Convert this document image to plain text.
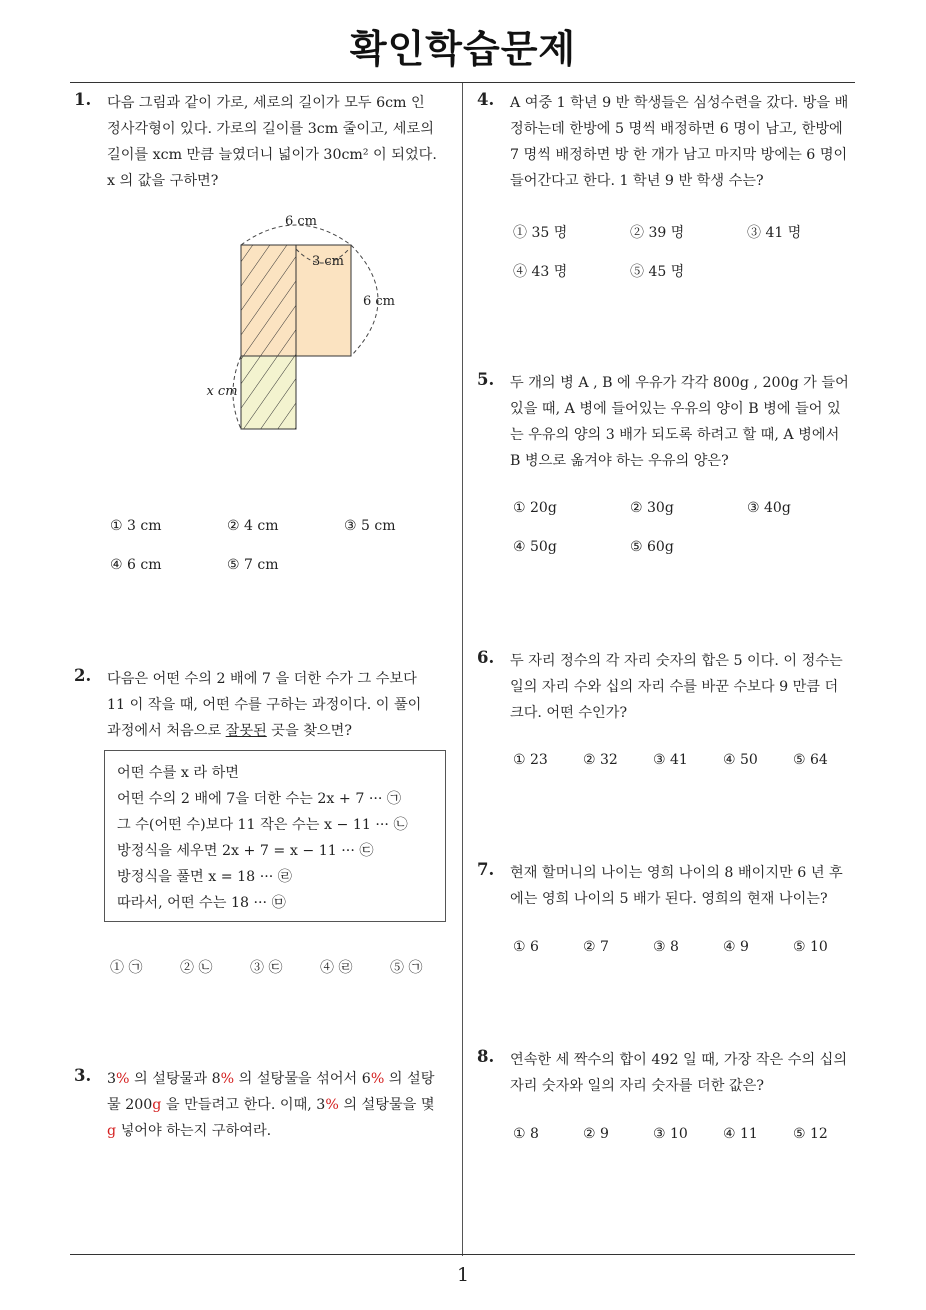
확인학습문제
1
1. 다음 그림과 같이 가로, 세로의 길이가 모두 6cm 인
정사각형이 있다. 가로의 길이를 3cm 줄이고, 세로의
길이를 xcm 만큼 늘였더니 넓이가 30cm² 이 되었다.
x 의 값을 구하면?
6 cm
3 cm
6 cm
x cm
① 3 cm	② 4 cm	③ 5 cm
④ 6 cm	⑤ 7 cm
2. 다음은 어떤 수의 2 배에 7 을 더한 수가 그 수보다
11 이 작을 때, 어떤 수를 구하는 과정이다. 이 풀이
과정에서 처음으로 잘못된 곳을 찾으면?
어떤 수를 x 라 하면
어떤 수의 2 배에 7을 더한 수는 2x + 7 ··· ㉠
그 수(어떤 수)보다 11 작은 수는 x − 11 ··· ㉡
방정식을 세우면 2x + 7 = x − 11 ··· ㉢
방정식을 풀면 x = 18 ··· ㉣
따라서, 어떤 수는 18 ··· ㉤
① ㉠	② ㉡	③ ㉢	④ ㉣	⑤ ㉠
3. 3% 의 설탕물과 8% 의 설탕물을 섞어서 6% 의 설탕
물 200g 을 만들려고 한다. 이때, 3% 의 설탕물을 몇
g 넣어야 하는지 구하여라.
4. A 여중 1 학년 9 반 학생들은 심성수련을 갔다. 방을 배
정하는데 한방에 5 명씩 배정하면 6 명이 남고, 한방에
7 명씩 배정하면 방 한 개가 남고 마지막 방에는 6 명이
들어간다고 한다. 1 학년 9 반 학생 수는?
① 35 명	② 39 명	③ 41 명
④ 43 명	⑤ 45 명
5. 두 개의 병 A , B 에 우유가 각각 800g , 200g 가 들어
있을 때, A 병에 들어있는 우유의 양이 B 병에 들어 있
는 우유의 양의 3 배가 되도록 하려고 할 때, A 병에서
B 병으로 옮겨야 하는 우유의 양은?
① 20g	② 30g	③ 40g
④ 50g	⑤ 60g
6. 두 자리 정수의 각 자리 숫자의 합은 5 이다. 이 정수는
일의 자리 수와 십의 자리 수를 바꾼 수보다 9 만큼 더
크다. 어떤 수인가?
① 23	② 32	③ 41	④ 50	⑤ 64
7. 현재 할머니의 나이는 영희 나이의 8 배이지만 6 년 후
에는 영희 나이의 5 배가 된다. 영희의 현재 나이는?
① 6	② 7	③ 8	④ 9	⑤ 10
8. 연속한 세 짝수의 합이 492 일 때, 가장 작은 수의 십의
자리 숫자와 일의 자리 숫자를 더한 값은?
① 8	② 9	③ 10	④ 11	⑤ 12
